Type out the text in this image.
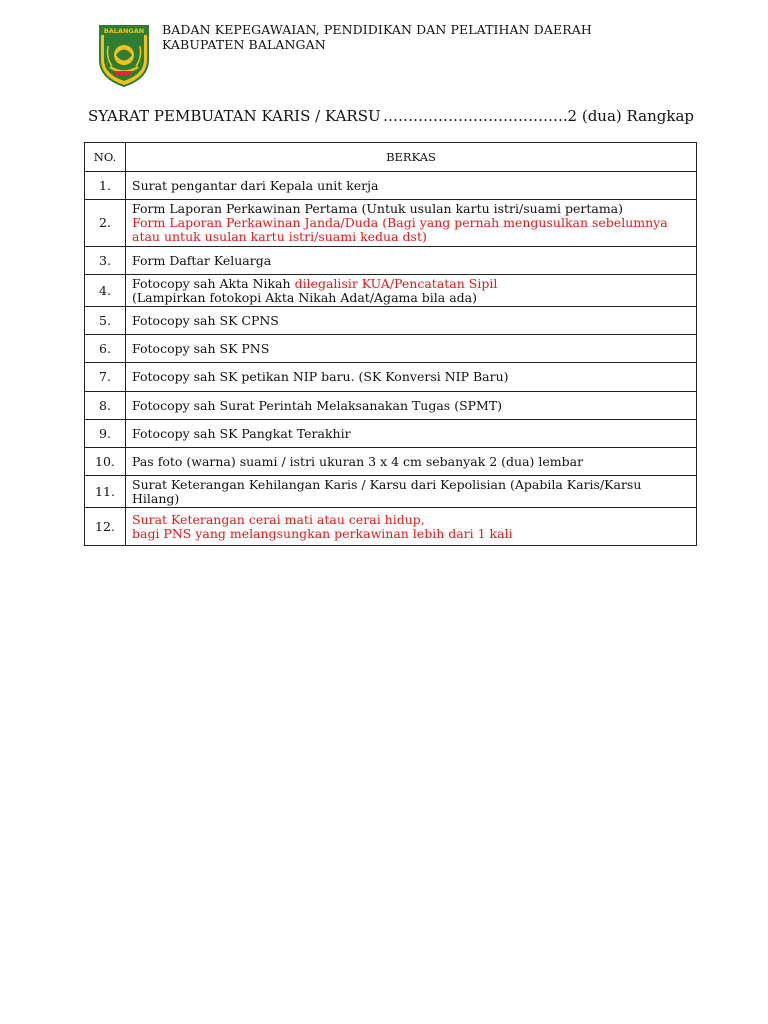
BALANGAN BADAN KEPEGAWAIAN, PENDIDIKAN DAN PELATIHAN DAERAH
KABUPATEN BALANGAN
SYARAT PEMBUATAN KARIS / KARSU ………………………………. 2 (dua) Rangkap
NO.	BERKAS
1.	Surat pengantar dari Kepala unit kerja
2.	Form Laporan Perkawinan Pertama (Untuk usulan kartu istri/suami pertama)
Form Laporan Perkawinan Janda/Duda (Bagi yang pernah mengusulkan sebelumnya atau untuk usulan kartu istri/suami kedua dst)

3.	Form Daftar Keluarga
4.	Fotocopy sah Akta Nikah dilegalisir KUA/Pencatatan Sipil
(Lampirkan fotokopi Akta Nikah Adat/Agama bila ada)

5.	Fotocopy sah SK CPNS
6.	Fotocopy sah SK PNS
7.	Fotocopy sah SK petikan NIP baru. (SK Konversi NIP Baru)
8.	Fotocopy sah Surat Perintah Melaksanakan Tugas (SPMT)
9.	Fotocopy sah SK Pangkat Terakhir
10.	Pas foto (warna) suami / istri ukuran 3 x 4 cm sebanyak 2 (dua) lembar
11.	Surat Keterangan Kehilangan Karis / Karsu dari Kepolisian (Apabila Karis/Karsu Hilang)
12.	Surat Keterangan cerai mati atau cerai hidup,
bagi PNS yang melangsungkan perkawinan lebih dari 1 kali
